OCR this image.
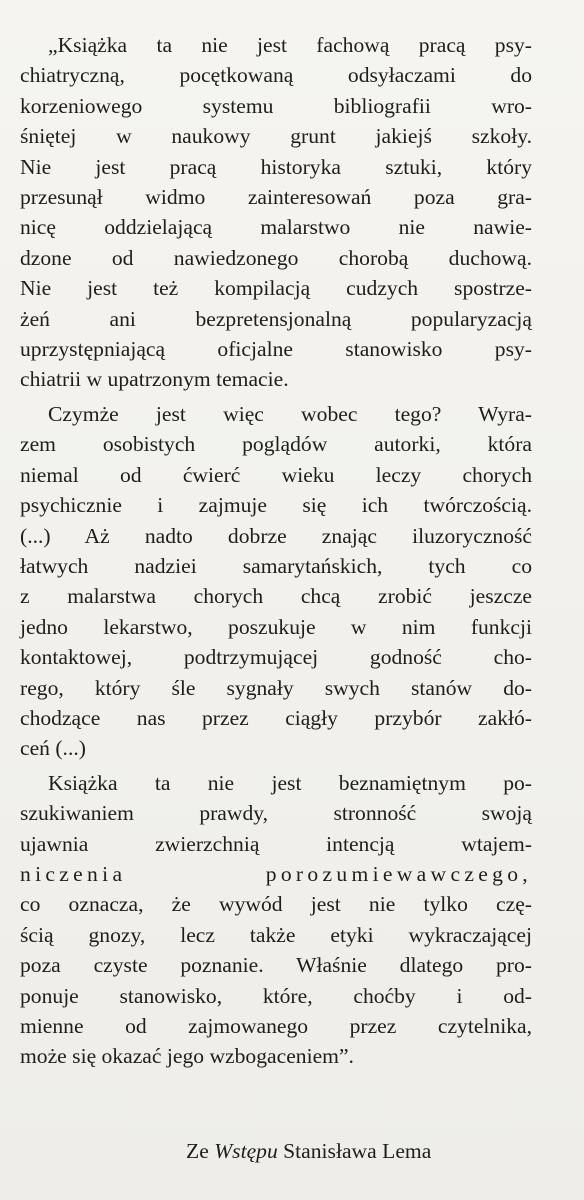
„Książka ta nie jest fachową pracą psy-
chiatryczną, pocętkowaną odsyłaczami do
korzeniowego systemu bibliografii wro-
śniętej w naukowy grunt jakiejś szkoły.
Nie jest pracą historyka sztuki, który
przesunął widmo zainteresowań poza gra-
nicę oddzielającą malarstwo nie nawie-
dzone od nawiedzonego chorobą duchową.
Nie jest też kompilacją cudzych spostrze-
żeń ani bezpretensjonalną popularyzacją
uprzystępniającą oficjalne stanowisko psy-
chiatrii w upatrzonym temacie.

Czymże jest więc wobec tego? Wyra-
zem osobistych poglądów autorki, która
niemal od ćwierć wieku leczy chorych
psychicznie i zajmuje się ich twórczością.
(...) Aż nadto dobrze znając iluzoryczność
łatwych nadziei samarytańskich, tych co
z malarstwa chorych chcą zrobić jeszcze
jedno lekarstwo, poszukuje w nim funkcji
kontaktowej, podtrzymującej godność cho-
rego, który śle sygnały swych stanów do-
chodzące nas przez ciągły przybór zakłó-
ceń (...)

Książka ta nie jest beznamiętnym po-
szukiwaniem prawdy, stronność swoją
ujawnia zwierzchnią intencją wtajem-
niczenia porozumiewawczego,
co oznacza, że wywód jest nie tylko czę-
ścią gnozy, lecz także etyki wykraczającej
poza czyste poznanie. Właśnie dlatego pro-
ponuje stanowisko, które, choćby i od-
mienne od zajmowanego przez czytelnika,
może się okazać jego wzbogaceniem”.

Ze Wstępu Stanisława Lema
